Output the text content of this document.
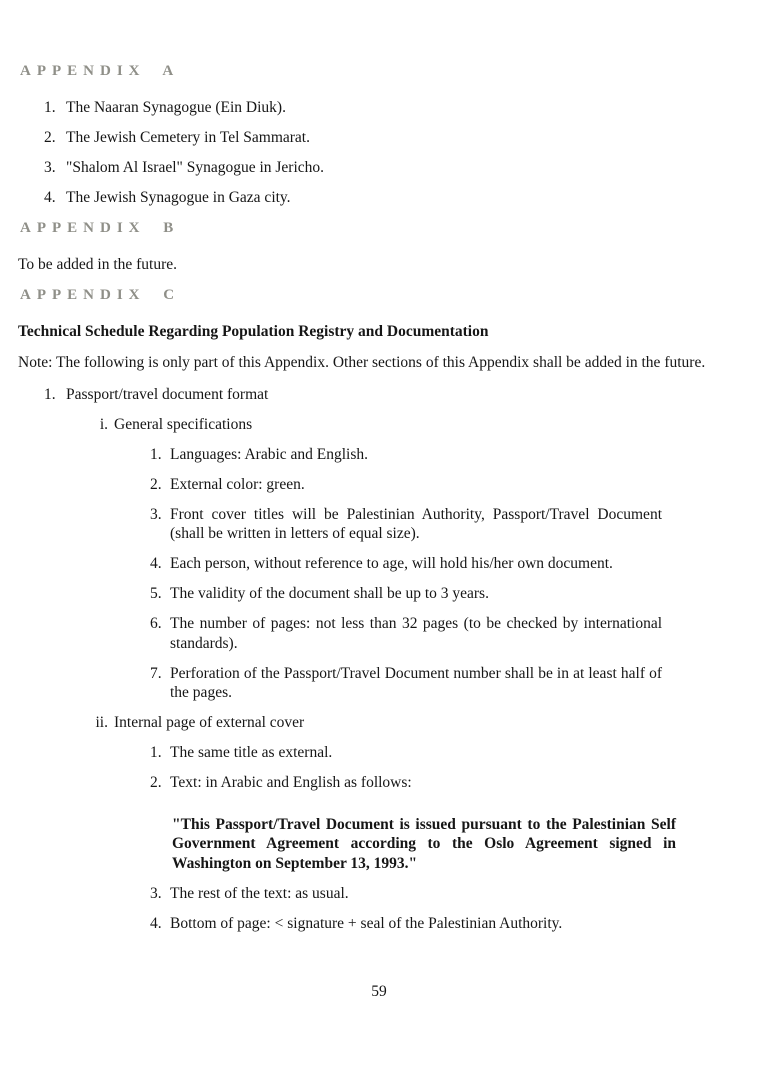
APPENDIX A
1. The Naaran Synagogue (Ein Diuk).
2. The Jewish Cemetery in Tel Sammarat.
3. "Shalom Al Israel" Synagogue in Jericho.
4. The Jewish Synagogue in Gaza city.
APPENDIX B

To be added in the future.

APPENDIX C

Technical Schedule Regarding Population Registry and Documentation

Note: The following is only part of this Appendix. Other sections of this Appendix shall be added in the future.

1. Passport/travel document format
i. General specifications
1. Languages: Arabic and English.
2. External color: green.
3. Front cover titles will be Palestinian Authority, Passport/Travel Document (shall be written in letters of equal size).
4. Each person, without reference to age, will hold his/her own document.
5. The validity of the document shall be up to 3 years.
6. The number of pages: not less than 32 pages (to be checked by international standards).
7. Perforation of the Passport/Travel Document number shall be in at least half of the pages.
ii. Internal page of external cover
1. The same title as external.
2. Text: in Arabic and English as follows:

"This Passport/Travel Document is issued pursuant to the Palestinian Self Government Agreement according to the Oslo Agreement signed in Washington on September 13, 1993."

3. The rest of the text: as usual.
4. Bottom of page: < signature + seal of the Palestinian Authority.
59
